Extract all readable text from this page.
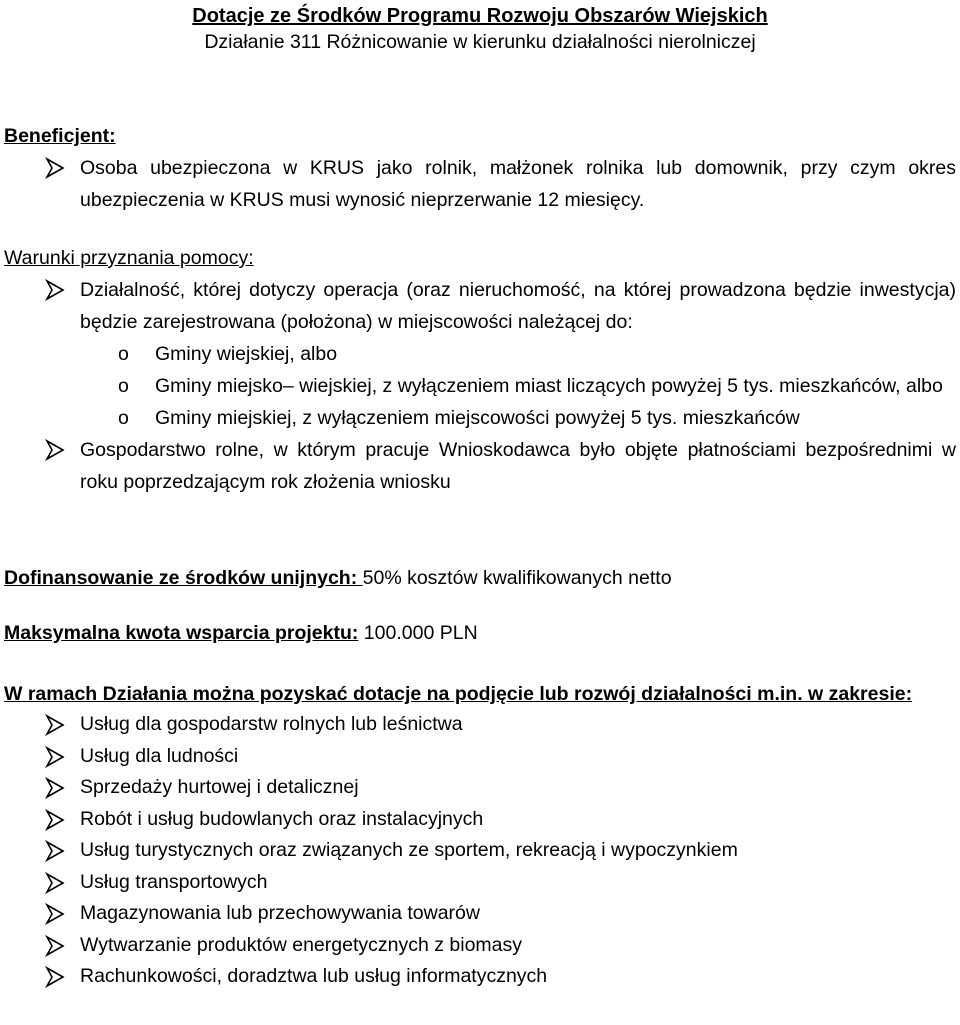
Dotacje ze Środków Programu Rozwoju Obszarów Wiejskich
Działanie 311 Różnicowanie w kierunku działalności nierolniczej
Beneficjent:
Osoba ubezpieczona w KRUS jako rolnik, małżonek rolnika lub domownik, przy czym okres ubezpieczenia w KRUS musi wynosić nieprzerwanie 12 miesięcy.
Warunki przyznania pomocy:
Działalność, której dotyczy operacja (oraz nieruchomość, na której prowadzona będzie inwestycja) będzie zarejestrowana (położona) w miejscowości należącej do:
o Gminy wiejskiej, albo
o Gminy miejsko– wiejskiej, z wyłączeniem miast liczących powyżej 5 tys. mieszkańców, albo
o Gminy miejskiej, z wyłączeniem miejscowości powyżej 5 tys. mieszkańców
Gospodarstwo rolne, w którym pracuje Wnioskodawca było objęte płatnościami bezpośrednimi w roku poprzedzającym rok złożenia wniosku
Dofinansowanie ze środków unijnych: 50% kosztów kwalifikowanych netto
Maksymalna kwota wsparcia projektu: 100.000 PLN
W ramach Działania można pozyskać dotacje na podjęcie lub rozwój działalności m.in. w zakresie:
Usług dla gospodarstw rolnych lub leśnictwa
Usług dla ludności
Sprzedaży hurtowej i detalicznej
Robót i usług budowlanych oraz instalacyjnych
Usług turystycznych oraz związanych ze sportem, rekreacją i wypoczynkiem
Usług transportowych
Magazynowania lub przechowywania towarów
Wytwarzanie produktów energetycznych z biomasy
Rachunkowości, doradztwa lub usług informatycznych
